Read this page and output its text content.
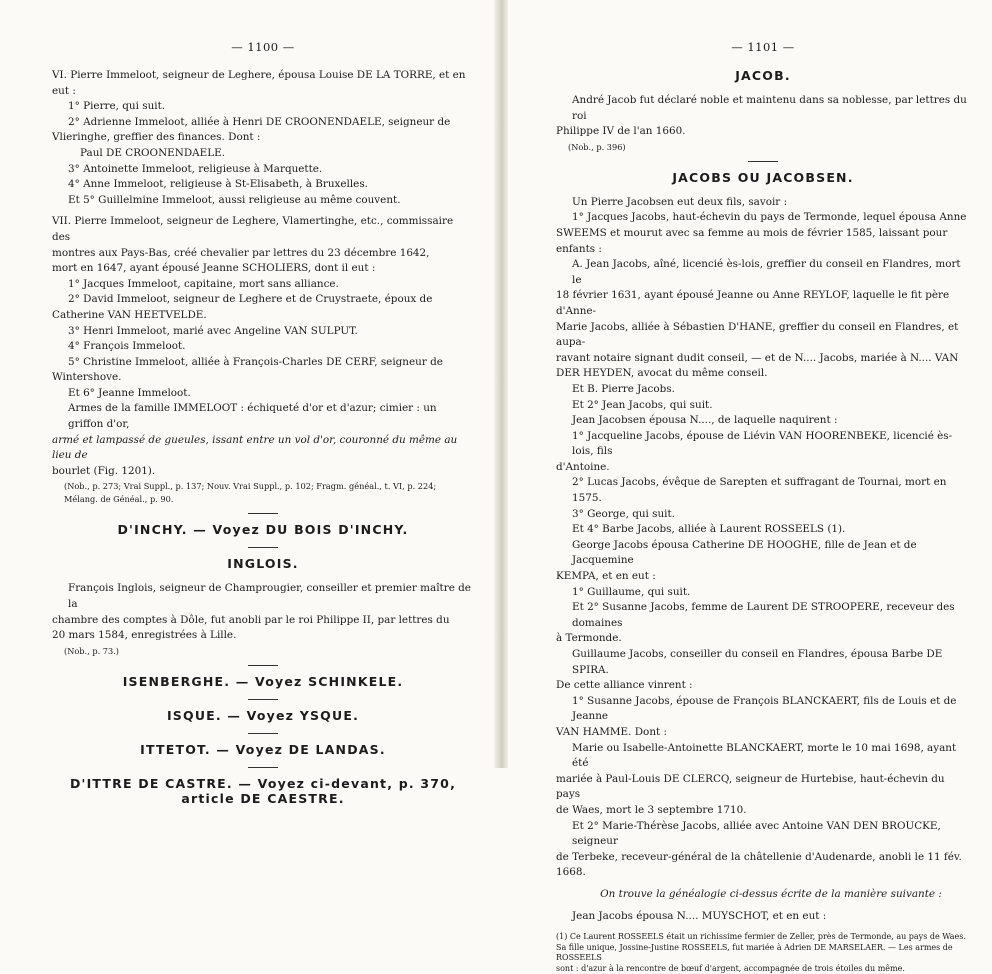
— 1100 —

VI. Pierre Immeloot, seigneur de Leghere, épousa Louise DE LA TORRE, et en eut :

1° Pierre, qui suit.

2° Adrienne Immeloot, alliée à Henri DE CROONENDAELE, seigneur de

Vlieringhe, greffier des finances. Dont :

Paul DE CROONENDAELE.

3° Antoinette Immeloot, religieuse à Marquette.

4° Anne Immeloot, religieuse à St-Elisabeth, à Bruxelles.

Et 5° Guillelmine Immeloot, aussi religieuse au même couvent.

VII. Pierre Immeloot, seigneur de Leghere, Vlamertinghe, etc., commissaire des

montres aux Pays-Bas, créé chevalier par lettres du 23 décembre 1642,

mort en 1647, ayant épousé Jeanne SCHOLIERS, dont il eut :

1° Jacques Immeloot, capitaine, mort sans alliance.

2° David Immeloot, seigneur de Leghere et de Cruystraete, époux de

Catherine VAN HEETVELDE.

3° Henri Immeloot, marié avec Angeline VAN SULPUT.

4° François Immeloot.

5° Christine Immeloot, alliée à François-Charles DE CERF, seigneur de

Wintershove.

Et 6° Jeanne Immeloot.

Armes de la famille IMMELOOT : échiqueté d'or et d'azur; cimier : un griffon d'or,

armé et lampassé de gueules, issant entre un vol d'or, couronné du même au lieu de

bourlet (Fig. 1201).

(Nob., p. 273; Vrai Suppl., p. 137; Nouv. Vrai Suppl., p. 102; Fragm. généal., t. VI, p. 224;

Mélang. de Généal., p. 90.

D'INCHY. — Voyez DU BOIS D'INCHY.
INGLOIS.

François Inglois, seigneur de Champrougier, conseiller et premier maître de la

chambre des comptes à Dôle, fut anobli par le roi Philippe II, par lettres du

20 mars 1584, enregistrées à Lille.

(Nob., p. 73.)

ISENBERGHE. — Voyez SCHINKELE.
ISQUE. — Voyez YSQUE.
ITTETOT. — Voyez DE LANDAS.
D'ITTRE DE CASTRE. — Voyez ci-devant, p. 370, article DE CAESTRE.
— 1101 —
JACOB.

André Jacob fut déclaré noble et maintenu dans sa noblesse, par lettres du roi

Philippe IV de l'an 1660.

(Nob., p. 396)

JACOBS OU JACOBSEN.

Un Pierre Jacobsen eut deux fils, savoir :

1° Jacques Jacobs, haut-échevin du pays de Termonde, lequel épousa Anne

SWEEMS et mourut avec sa femme au mois de février 1585, laissant pour enfants :

A. Jean Jacobs, aîné, licencié ès-lois, greffier du conseil en Flandres, mort le

18 février 1631, ayant épousé Jeanne ou Anne REYLOF, laquelle le fit père d'Anne-

Marie Jacobs, alliée à Sébastien D'HANE, greffier du conseil en Flandres, et aupa-

ravant notaire signant dudit conseil, — et de N.... Jacobs, mariée à N.... VAN

DER HEYDEN, avocat du même conseil.

Et B. Pierre Jacobs.

Et 2° Jean Jacobs, qui suit.

Jean Jacobsen épousa N...., de laquelle naquirent :

1° Jacqueline Jacobs, épouse de Liévin VAN HOORENBEKE, licencié ès-lois, fils

d'Antoine.

2° Lucas Jacobs, évêque de Sarepten et suffragant de Tournai, mort en 1575.

3° George, qui suit.

Et 4° Barbe Jacobs, alliée à Laurent ROSSEELS (1).

George Jacobs épousa Catherine DE HOOGHE, fille de Jean et de Jacquemine

KEMPA, et en eut :

1° Guillaume, qui suit.

Et 2° Susanne Jacobs, femme de Laurent DE STROOPERE, receveur des domaines

à Termonde.

Guillaume Jacobs, conseiller du conseil en Flandres, épousa Barbe DE SPIRA.

De cette alliance vinrent :

1° Susanne Jacobs, épouse de François BLANCKAERT, fils de Louis et de Jeanne

VAN HAMME. Dont :

Marie ou Isabelle-Antoinette BLANCKAERT, morte le 10 mai 1698, ayant été

mariée à Paul-Louis DE CLERCQ, seigneur de Hurtebise, haut-échevin du pays

de Waes, mort le 3 septembre 1710.

Et 2° Marie-Thérèse Jacobs, alliée avec Antoine VAN DEN BROUCKE, seigneur

de Terbeke, receveur-général de la châtellenie d'Audenarde, anobli le 11 fév. 1668.

On trouve la généalogie ci-dessus écrite de la manière suivante :

Jean Jacobs épousa N.... MUYSCHOT, et en eut :

(1) Ce Laurent ROSSEELS était un richissime fermier de Zeller, près de Termonde, au pays de Waes.

Sa fille unique, Jossine-Justine ROSSEELS, fut mariée à Adrien DE MARSELAER. — Les armes de ROSSEELS

sont : d'azur à la rencontre de bœuf d'argent, accompagnée de trois étoiles du même.
